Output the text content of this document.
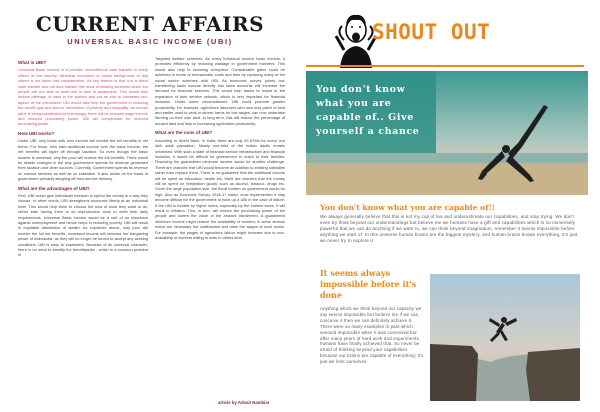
CURRENT AFFAIRS
UNIVERSAL BASIC INCOME (UBI)
What is UBI?

Universal Basic Income is a periodic unconditional cash transfer to every citizen of the country. Whereas economic or social background of any citizen is not taken into consideration. It's key feature is that it is a direct cash transfer and not kind transfer like most of existing schemes which the people are not able to avail due to lack of awareness. This would also reduce pilferage of cash in the system and put an end to unwanted red-tapism of the executives. UBI would also help the government in reducing the wealth gap and also in elimination of poverty and inequality. As human labor is being substituted by technology, there will be reduced wage income and reduced purchasing power. UBI will compensate for reduced purchasing power.

How UBI works?

Under UBI, only those with zero income will receive the full benefits in net terms. For those, who earn additional income over the basic income, the net benefits will taper off through taxation. So even though the basic income is universal, only the poor will receive the full benefits. There would be drastic changes in the way government spends its revenue generated from taxation and other sources. Currently, Government spends its revenue on various services as well as on subsidies. It also works on the basis of government primarily stepping off from service delivery.

What are the advantages of UBI?

First, UBI would give individuals freedom to spend the money in a way they choose. In other words, UBI strengthens economic liberty at an individual level. This would help them to choose the kind of work they want to do, rather than having them to do unproductive work to meet their daily requirements. Universal Basic Income would be a sort of an insurance against unemployment and hence helps in reducing poverty. UBI will result in equitable distribution of wealth. As explained above, only poor will receive the full net benefits, increased income will increase the bargaining power of individuals; as they will no longer be forced to accept any working conditions. UBI is easy to implement. Because of its universal character, there is no need to identify the beneficiaries - which is a common problem in

Targeted welfare schemes. As every individual receive basic income, it promotes efficiency by reducing wastage in government transfers. This would also help in reducing corruption. Considerable gains could be achieved in terms of bureaucratic costs and time by replacing many of the social sector schemes with UBI. As economic survey points out, transferring basic income directly into bank accounts will increase the demand for financial services. This would help banks to invest in the expansion of their service network, which is very important for financial inclusion. Under some circumstances, UBI could promote greater productivity. For example, agriculture labourers who own only patch of land and earlier used to work in others' farms for low wages, can now undertake farming on their own land. In long term, this will reduce the percentage of unused land and help in increasing agriculture productivity.

What are the cons of UBI?

According to World Bank, in India, there are only 20 ATMs for every one lakh adult population. Nearly one-third of the Indian adults remain unbanked. With such a state of financial service infrastructure and financial inclusion, it would be difficult for government to reach to their families. Financing the guaranteed minimum income would be another challenge. There are chances that UBI would become an addition to existing subsidies rather than replace them. There is no guarantee that the additional income will be spent on education, health etc, there are chances that the money will be spent on 'temptation goods' such as alcohol, tobacco, drugs etc. Given the large population size, the fiscal burden on government would be high. Also as Economic Survey 2016-17 noted, once implemented it may become difficult for the government to wind up a UBI in the case of failure. If the UBI is funded by higher taxes, especially by the indirect taxes, it will result in inflation. This, in turn, will reduce the purchasing power of the people and lowers the value of the amount transferred. A guaranteed minimum income might reduce the availability of workers in some sectors which are necessary but unattractive and raise the wages of such works. For example, the wages of agriculture labour might increase due to non-availability of workers willing to work in others farm.

article by Advait Nambiar
SHOUT OUT
You don't know what you are capable of.. Give yourself a chance
You don't know what you are capable of!!
We always generally believe that this is not my cup of tea and underestimate our capabilities, and stop trying. We don't even try think beyond our understandings but believe me we humans have a gift and capabilities which is so immensely powerful that we can do anything if we want to, we can think beyond imagination, remember it seems impossible before anything we start of. In this universe human brains are the biggest mystery, and human brains knows everything, It's just we never try to explore it.
It seems always impossible before it's done
Anything which we think beyond our capacity we say seems impossible but believe me if we can conceive it then we can definitely achieve it. There were so many examples in past which seemed impossible when it was conceived but after many years of hard work and experiments, humans have finally achieved that. So never be afraid of thinking beyond your capabilities because our brains are capable of everything; it's just we limit ourselves.
